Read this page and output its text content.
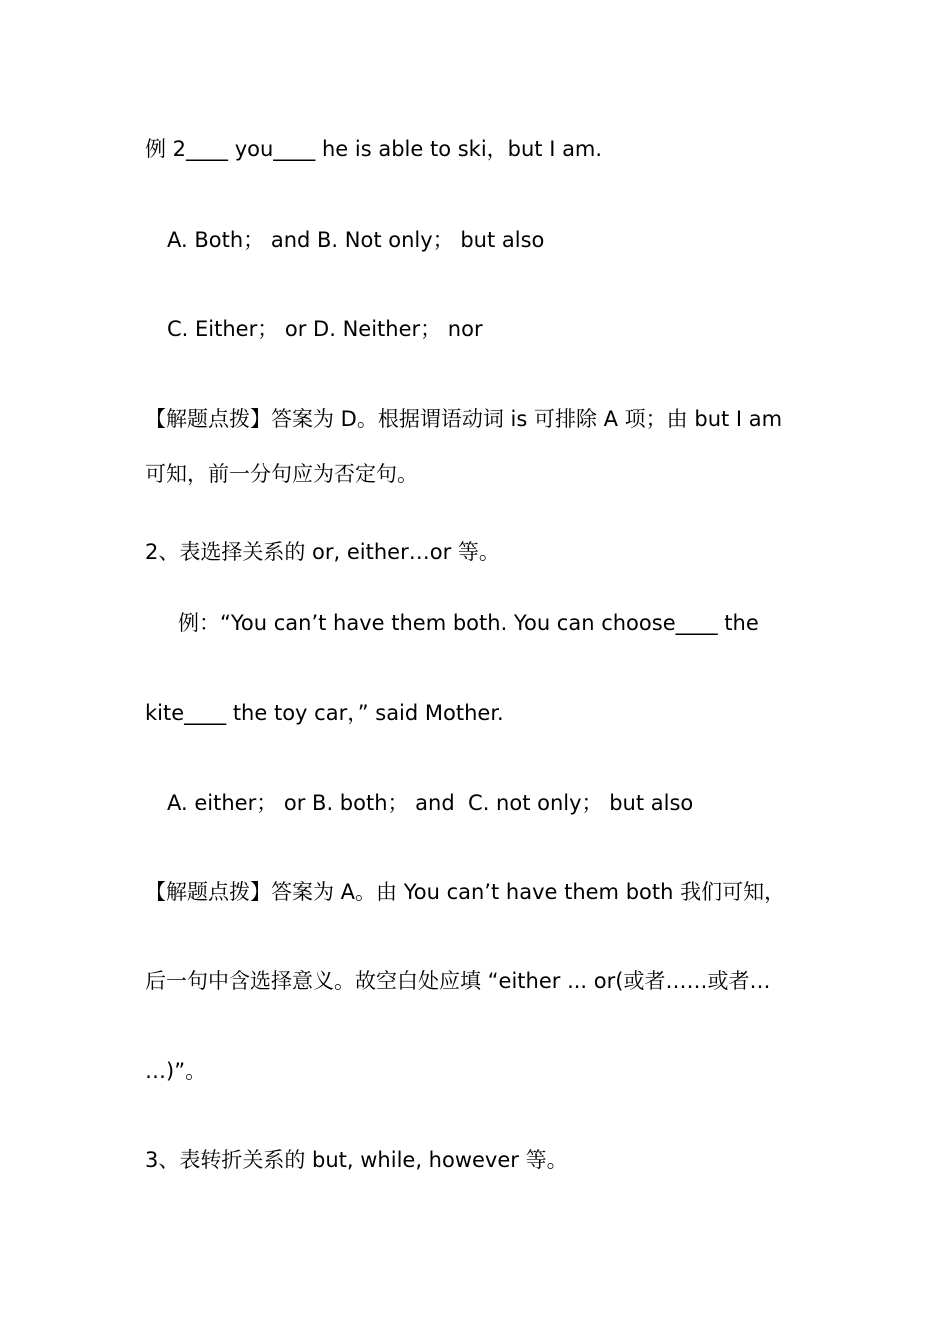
例 2____ you____ he is able to ski，but I am.
A. Both； and B. Not only； but also
C. Either； or D. Neither； nor
【解题点拨】答案为 D。根据谓语动词 is 可排除 A 项；由 but I am
可知，前一分句应为否定句。
2、表选择关系的 or, either…or 等。
例：“You can’t have them both. You can choose____ the
kite____ the toy car，” said Mother.
A. either； or B. both； and  C. not only； but also
【解题点拨】答案为 A。由 You can’t have them both 我们可知，
后一句中含选择意义。故空白处应填 “either ... or(或者……或者…
…)”。
3、表转折关系的 but, while, however 等。
